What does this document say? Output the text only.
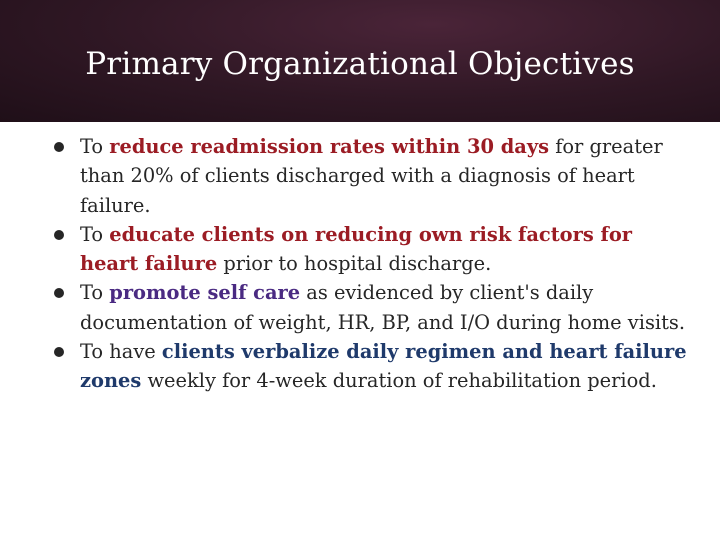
Primary Organizational Objectives
To reduce readmission rates within 30 days for greater than 20% of clients discharged with a diagnosis of heart failure.
To educate clients on reducing own risk factors for heart failure prior to hospital discharge.
To promote self care as evidenced by client's daily documentation of weight, HR, BP, and I/O during home visits.
To have clients verbalize daily regimen and heart failure zones weekly for 4-week duration of rehabilitation period.
